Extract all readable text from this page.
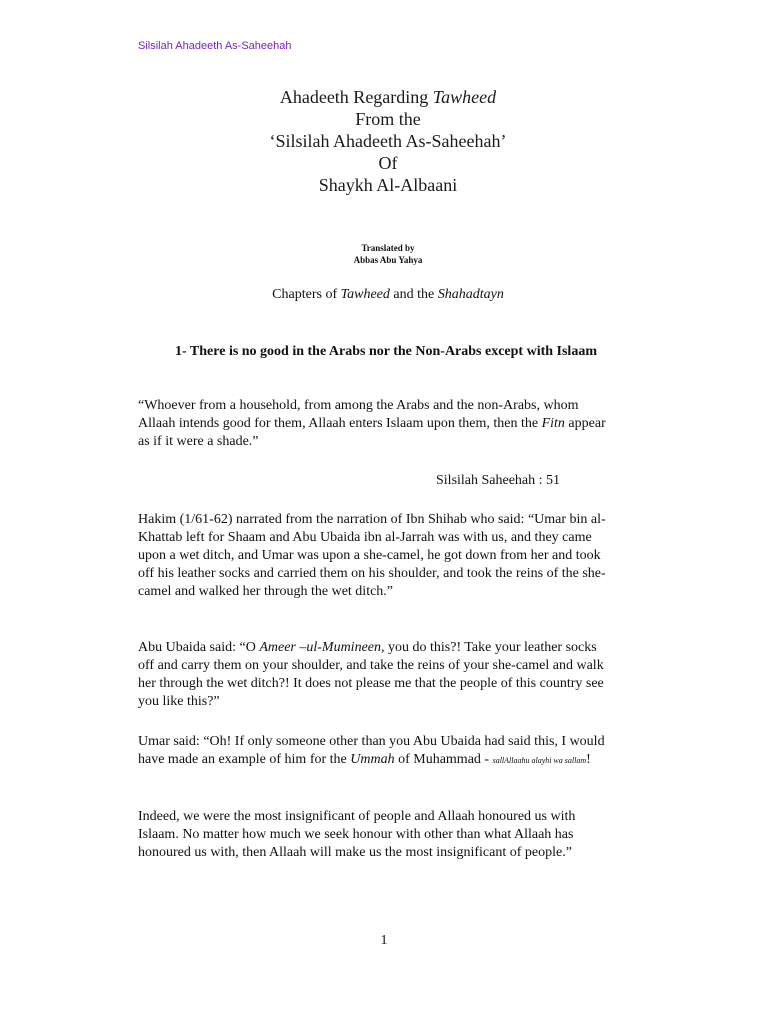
Silsilah Ahadeeth As-Saheehah
Ahadeeth Regarding Tawheed
From the
‘Silsilah Ahadeeth As-Saheehah’
Of
Shaykh Al-Albaani
Translated by
Abbas Abu Yahya
Chapters of Tawheed and the Shahadtayn
1- There is no good in the Arabs nor the Non-Arabs except with Islaam
“Whoever from a household, from among the Arabs and the non-Arabs, whom Allaah intends good for them, Allaah enters Islaam upon them, then the Fitn appear as if it were a shade.”
Silsilah Saheehah : 51
Hakim (1/61-62) narrated from the narration of Ibn Shihab who said: “Umar bin al-Khattab left for Shaam and Abu Ubaida ibn al-Jarrah was with us, and they came upon a wet ditch, and Umar was upon a she-camel, he got down from her and took off his leather socks and carried them on his shoulder, and took the reins of the she-camel and walked her through the wet ditch.”
Abu Ubaida said: “O Ameer –ul-Mumineen, you do this?! Take your leather socks off and carry them on your shoulder, and take the reins of your she-camel and walk her through the wet ditch?! It does not please me that the people of this country see you like this?”
Umar said: “Oh! If only someone other than you Abu Ubaida had said this, I would have made an example of him for the Ummah of Muhammad - sallAllaahu alayhi wa sallam!
Indeed, we were the most insignificant of people and Allaah honoured us with Islaam. No matter how much we seek honour with other than what Allaah has honoured us with, then Allaah will make us the most insignificant of people.”
1
